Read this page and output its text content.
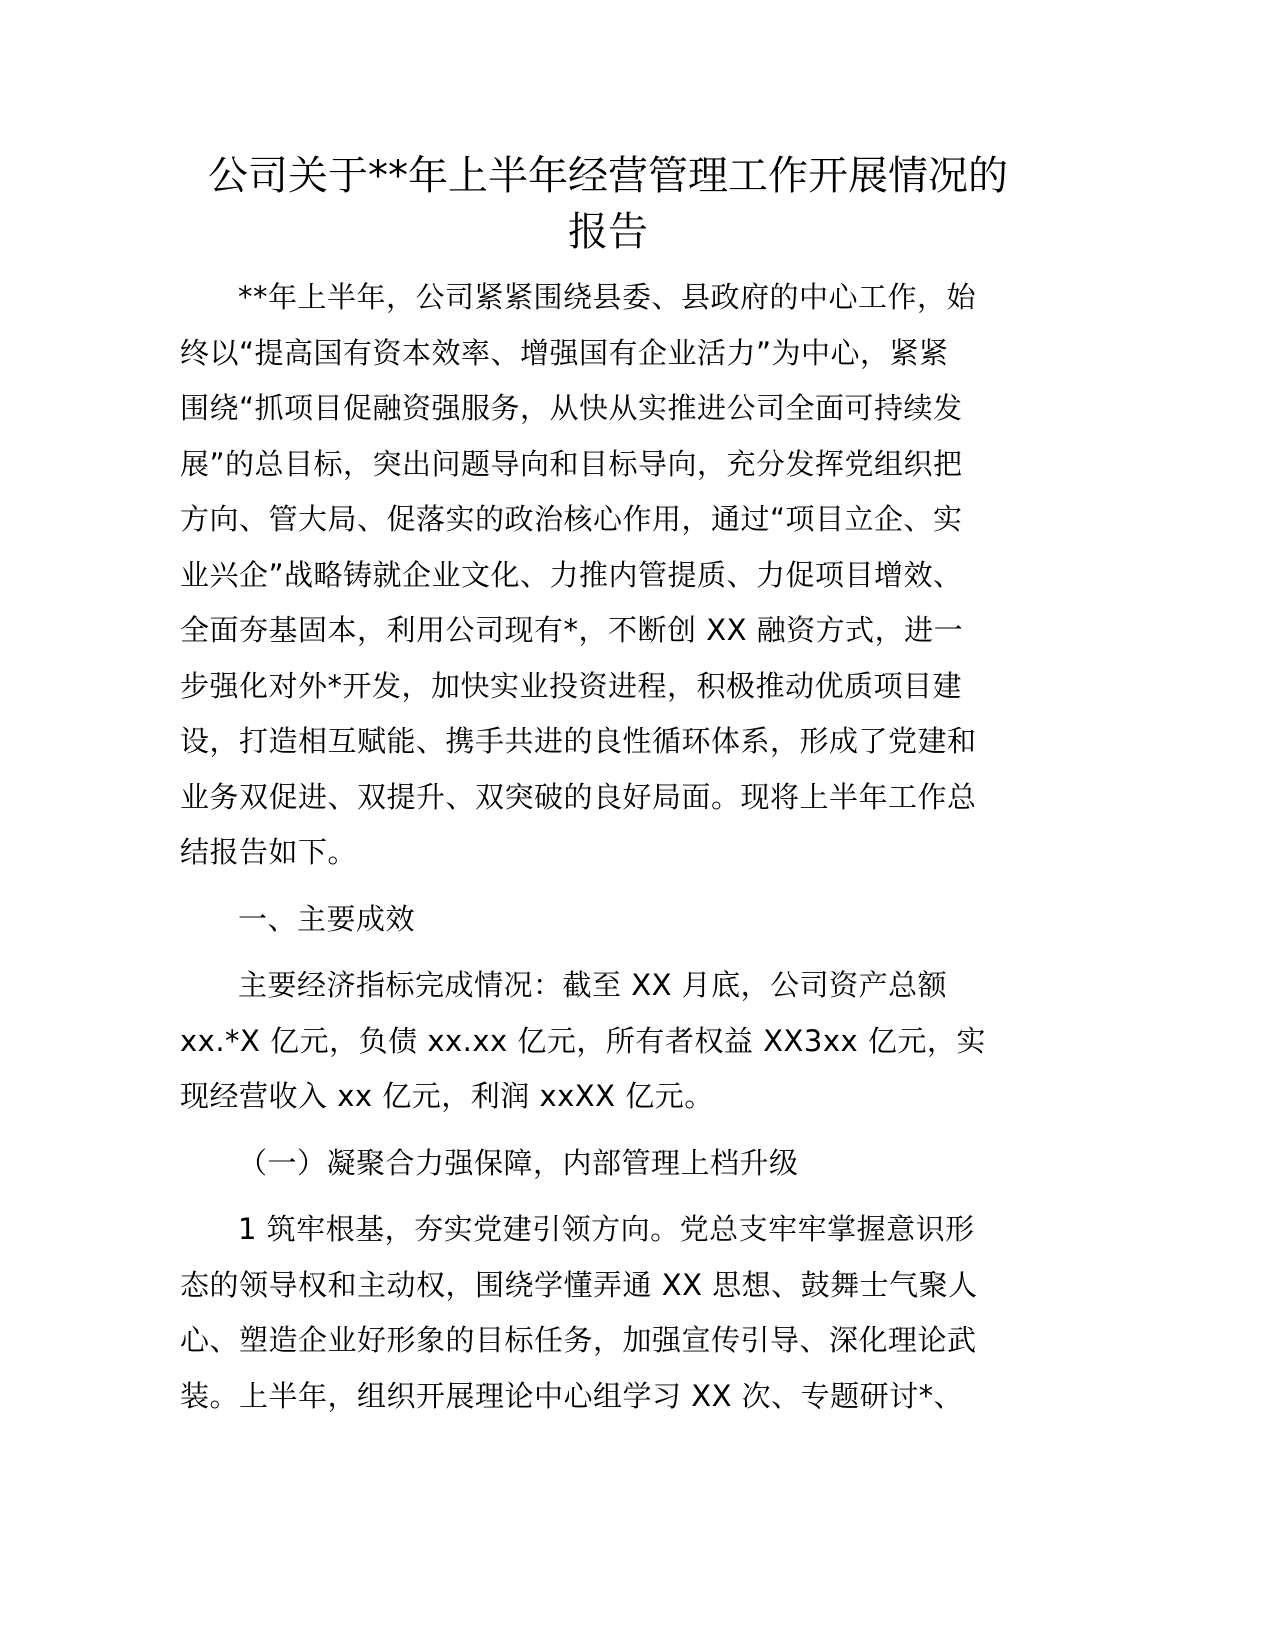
公司关于**年上半年经营管理工作开展情况的
报告
**年上半年，公司紧紧围绕县委、县政府的中心工作，始
终以“提高国有资本效率、增强国有企业活力”为中心，紧紧
围绕“抓项目促融资强服务，从快从实推进公司全面可持续发
展”的总目标，突出问题导向和目标导向，充分发挥党组织把
方向、管大局、促落实的政治核心作用，通过“项目立企、实
业兴企”战略铸就企业文化、力推内管提质、力促项目增效、
全面夯基固本，利用公司现有*，不断创 XX 融资方式，进一
步强化对外*开发，加快实业投资进程，积极推动优质项目建
设，打造相互赋能、携手共进的良性循环体系，形成了党建和
业务双促进、双提升、双突破的良好局面。现将上半年工作总
结报告如下。
一、主要成效
主要经济指标完成情况：截至 XX 月底，公司资产总额
xx.*X 亿元，负债 xx.xx 亿元，所有者权益 XX3xx 亿元，实
现经营收入 xx 亿元，利润 xxXX 亿元。
（一）凝聚合力强保障，内部管理上档升级
1 筑牢根基，夯实党建引领方向。党总支牢牢掌握意识形
态的领导权和主动权，围绕学懂弄通 XX 思想、鼓舞士气聚人
心、塑造企业好形象的目标任务，加强宣传引导、深化理论武
装。上半年，组织开展理论中心组学习 XX 次、专题研讨*、
